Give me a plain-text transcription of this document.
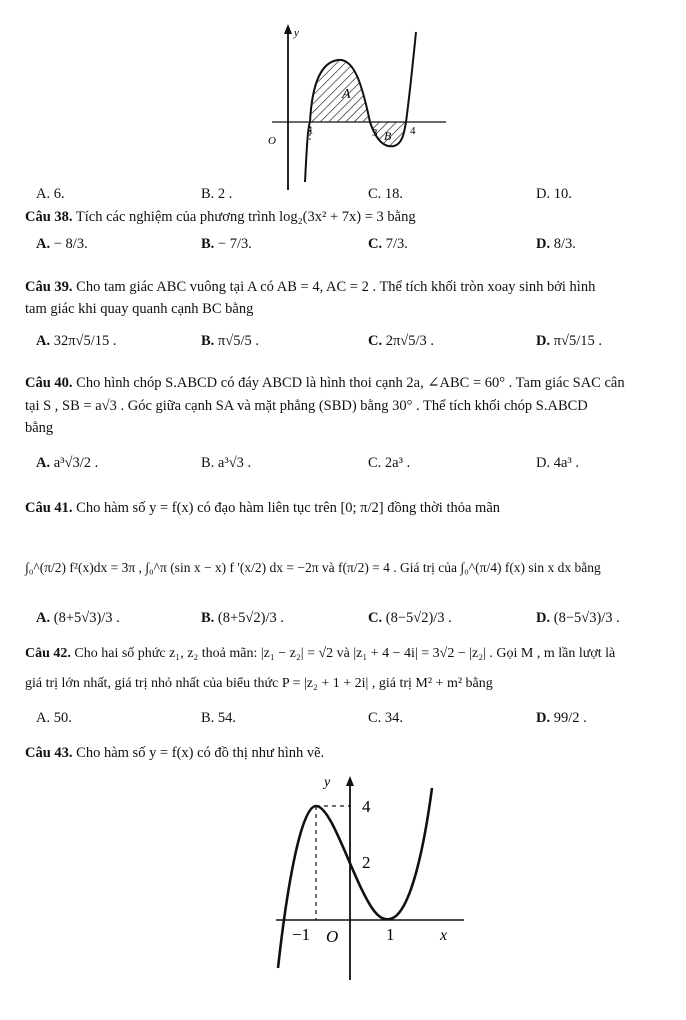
y
O
1	3	4
A
B
A. 6.	B. 2 .	C. 18.	D. 10.
Câu 38. Tích các nghiệm của phương trình log₂(3x² + 7x) = 3 bằng
A. − 8/3.	B. − 7/3.	C. 7/3.	D. 8/3.
Câu 39. Cho tam giác ABC vuông tại A có AB = 4, AC = 2 . Thể tích khối tròn xoay sinh bởi hình
tam giác khi quay quanh cạnh BC bằng
A. 32π√5/15 .	B. π√5/5 .	C. 2π√5/3 .	D. π√5/15 .
Câu 40. Cho hình chóp S.ABCD có đáy ABCD là hình thoi cạnh 2a, ∠ABC = 60° . Tam giác SAC cân
tại S , SB = a√3 . Góc giữa cạnh SA và mặt phẳng (SBD) bằng 30° . Thể tích khối chóp S.ABCD
bằng
A. a³√3/2 .	B. a³√3 .	C. 2a³ .	D. 4a³ .
Câu 41. Cho hàm số y = f(x) có đạo hàm liên tục trên [0; π/2] đồng thời thỏa mãn
∫₀^(π/2) f²(x)dx = 3π , ∫₀^π (sin x − x) f '(x/2) dx = −2π và f(π/2) = 4 . Giá trị của ∫₀^(π/4) f(x) sin x dx bằng
A. (8+5√3)/3 .	B. (8+5√2)/3 .	C. (8−5√2)/3 .	D. (8−5√3)/3 .
Câu 42. Cho hai số phức z₁, z₂ thoả mãn: |z₁ − z₂| = √2 và |z₁ + 4 − 4i| = 3√2 − |z₂| . Gọi M , m lần lượt là
giá trị lớn nhất, giá trị nhỏ nhất của biểu thức P = |z₂ + 1 + 2i| , giá trị M² + m² bằng
A. 50.	B. 54.	C. 34.	D. 99/2 .
Câu 43. Cho hàm số y = f(x) có đồ thị như hình vẽ.
y
4
2
−1 O	1	x
